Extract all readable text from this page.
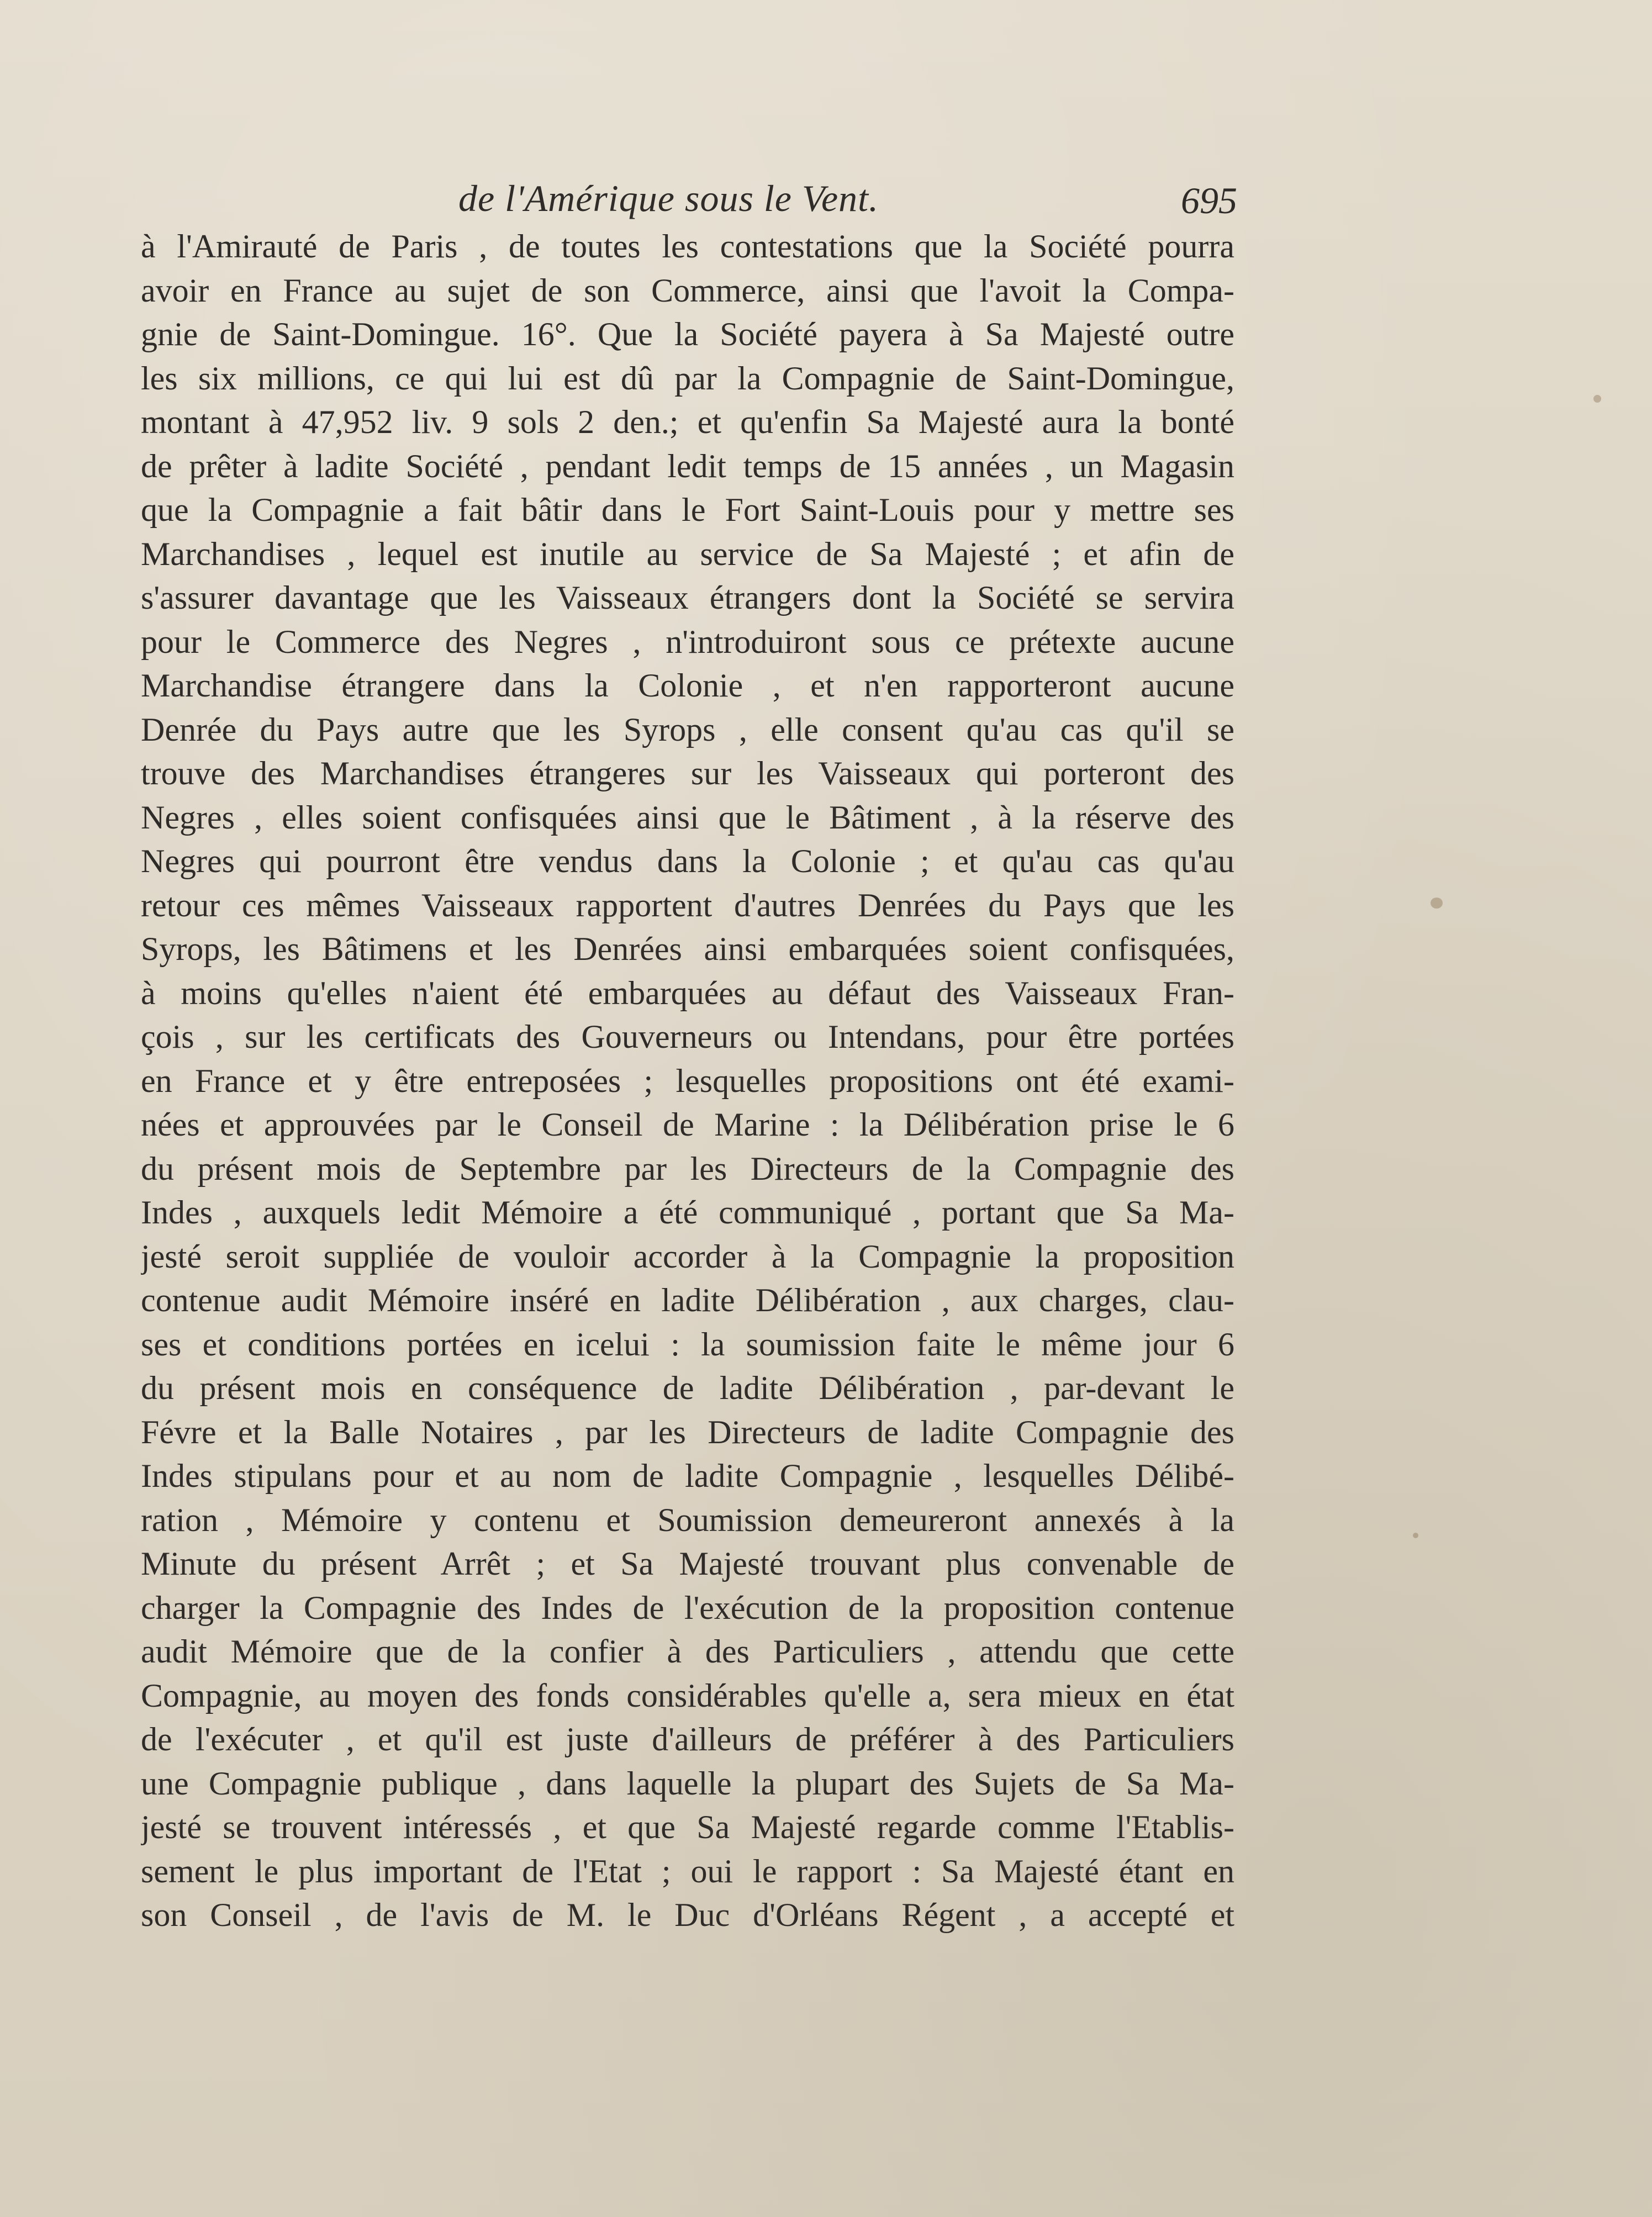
de l'Amérique sous le Vent.	695
à l'Amirauté de Paris , de toutes les contestations que la Société pourra
avoir en France au sujet de son Commerce, ainsi que l'avoit la Compa-
gnie de Saint-Domingue. 16°. Que la Société payera à Sa Majesté outre
les six millions, ce qui lui est dû par la Compagnie de Saint-Domingue,
montant à 47,952 liv. 9 sols 2 den.; et qu'enfin Sa Majesté aura la bonté
de prêter à ladite Société , pendant ledit temps de 15 années , un Magasin
que la Compagnie a fait bâtir dans le Fort Saint-Louis pour y mettre ses
Marchandises , lequel est inutile au service de Sa Majesté ; et afin de
s'assurer davantage que les Vaisseaux étrangers dont la Société se servira
pour le Commerce des Negres , n'introduiront sous ce prétexte aucune
Marchandise étrangere dans la Colonie , et n'en rapporteront aucune
Denrée du Pays autre que les Syrops , elle consent qu'au cas qu'il se
trouve des Marchandises étrangeres sur les Vaisseaux qui porteront des
Negres , elles soient confisquées ainsi que le Bâtiment , à la réserve des
Negres qui pourront être vendus dans la Colonie ; et qu'au cas qu'au
retour ces mêmes Vaisseaux rapportent d'autres Denrées du Pays que les
Syrops, les Bâtimens et les Denrées ainsi embarquées soient confisquées,
à moins qu'elles n'aient été embarquées au défaut des Vaisseaux Fran-
çois , sur les certificats des Gouverneurs ou Intendans, pour être portées
en France et y être entreposées ; lesquelles propositions ont été exami-
nées et approuvées par le Conseil de Marine : la Délibération prise le 6
du présent mois de Septembre par les Directeurs de la Compagnie des
Indes , auxquels ledit Mémoire a été communiqué , portant que Sa Ma-
jesté seroit suppliée de vouloir accorder à la Compagnie la proposition
contenue audit Mémoire inséré en ladite Délibération , aux charges, clau-
ses et conditions portées en icelui : la soumission faite le même jour 6
du présent mois en conséquence de ladite Délibération , par-devant le
Févre et la Balle Notaires , par les Directeurs de ladite Compagnie des
Indes stipulans pour et au nom de ladite Compagnie , lesquelles Délibé-
ration , Mémoire y contenu et Soumission demeureront annexés à la
Minute du présent Arrêt ; et Sa Majesté trouvant plus convenable de
charger la Compagnie des Indes de l'exécution de la proposition contenue
audit Mémoire que de la confier à des Particuliers , attendu que cette
Compagnie, au moyen des fonds considérables qu'elle a, sera mieux en état
de l'exécuter , et qu'il est juste d'ailleurs de préférer à des Particuliers
une Compagnie publique , dans laquelle la plupart des Sujets de Sa Ma-
jesté se trouvent intéressés , et que Sa Majesté regarde comme l'Etablis-
sement le plus important de l'Etat ; oui le rapport : Sa Majesté étant en
son Conseil , de l'avis de M. le Duc d'Orléans Régent , a accepté et
